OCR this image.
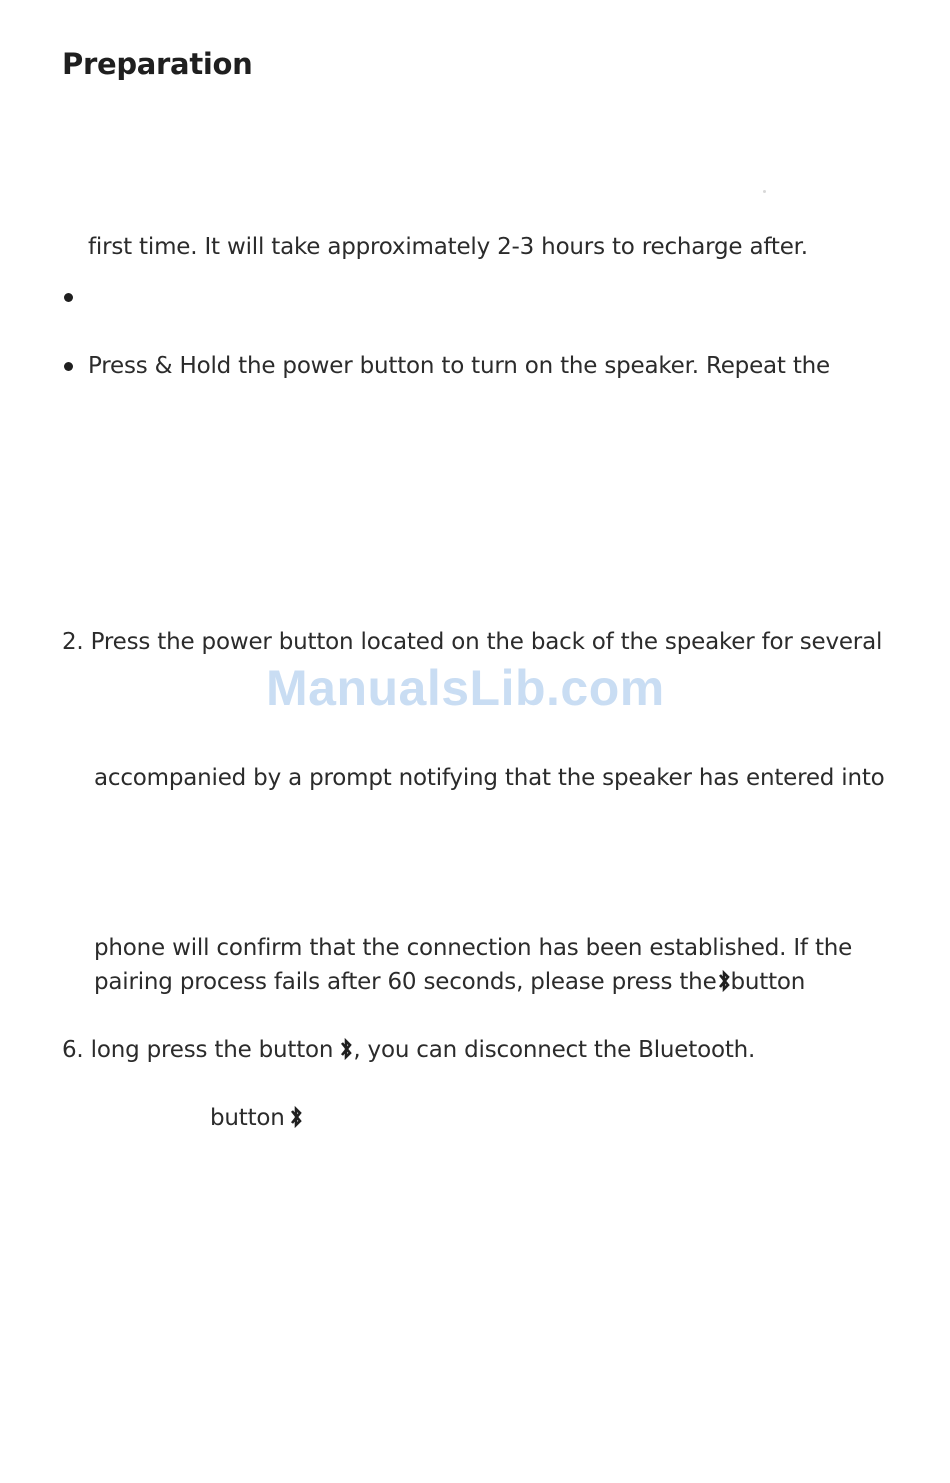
Preparation
first time. It will take approximately 2-3 hours to recharge after.
Press & Hold the power button to turn on the speaker. Repeat the
2. Press the power button located on the back of the speaker for several
ManualsLib.com
accompanied by a prompt notifying that the speaker has entered into
phone will confirm that the connection has been established. If the
pairing process fails after 60 seconds, please press the button
6. long press the button , you can disconnect the Bluetooth.
button
